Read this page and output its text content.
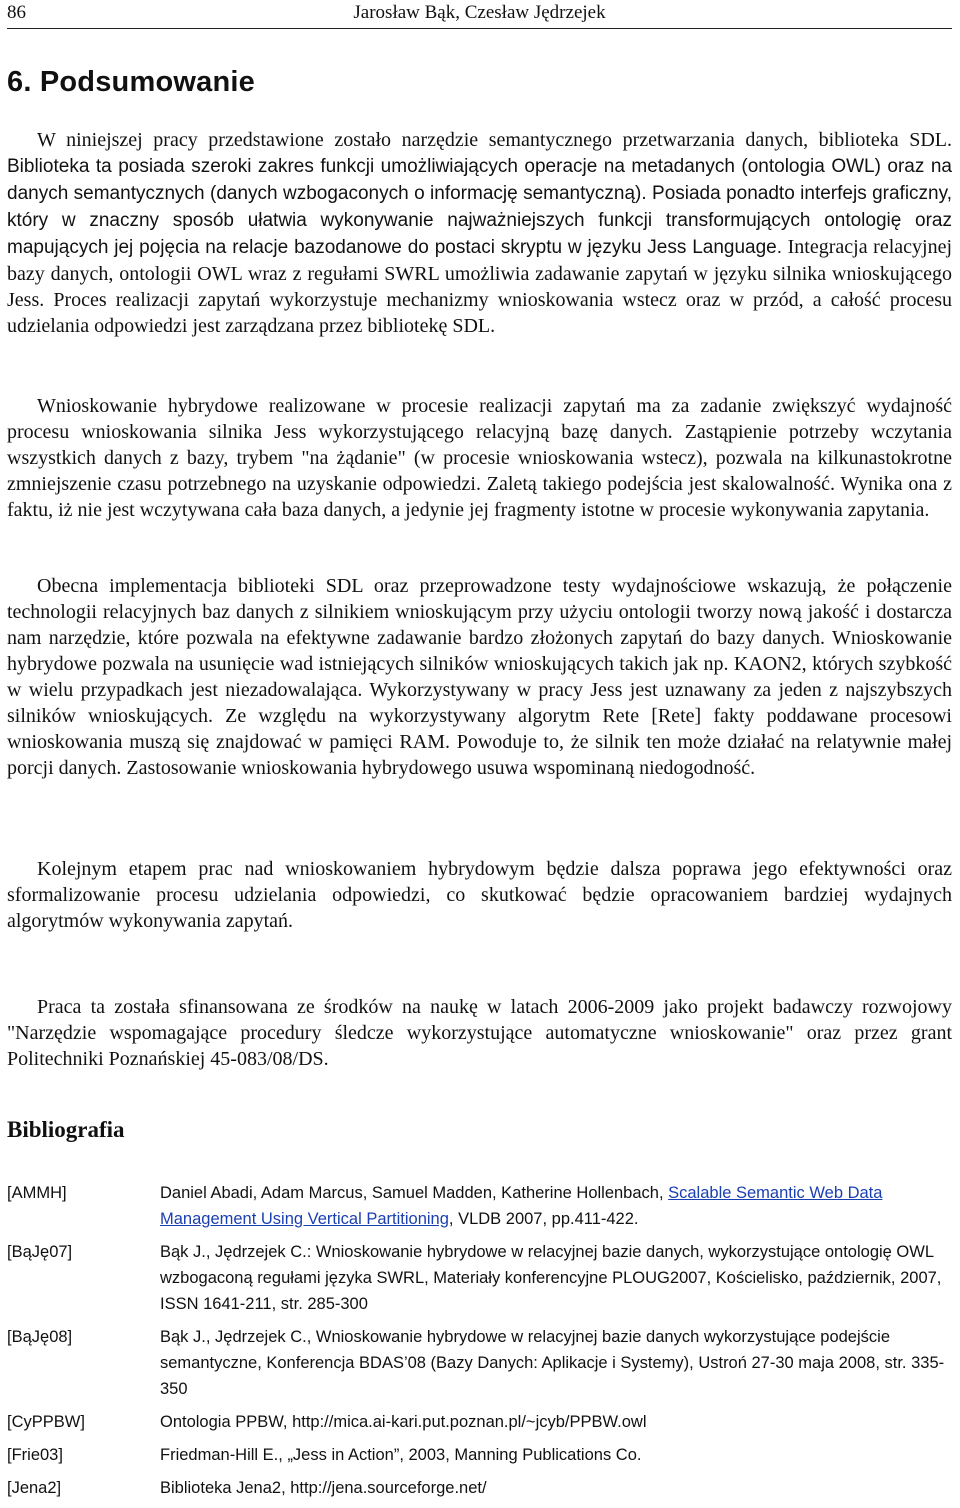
86	Jarosław Bąk, Czesław Jędrzejek
6. Podsumowanie

W niniejszej pracy przedstawione zostało narzędzie semantycznego przetwarzania danych, biblioteka SDL. Biblioteka ta posiada szeroki zakres funkcji umożliwiających operacje na metadanych (ontologia OWL) oraz na danych semantycznych (danych wzbogaconych o informację semantyczną). Posiada ponadto interfejs graficzny, który w znaczny sposób ułatwia wykonywanie najważniejszych funkcji transformujących ontologię oraz mapujących jej pojęcia na relacje bazodanowe do postaci skryptu w języku Jess Language. Integracja relacyjnej bazy danych, ontologii OWL wraz z regułami SWRL umożliwia zadawanie zapytań w języku silnika wnioskującego Jess. Proces realizacji zapytań wykorzystuje mechanizmy wnioskowania wstecz oraz w przód, a całość procesu udzielania odpowiedzi jest zarządzana przez bibliotekę SDL.

Wnioskowanie hybrydowe realizowane w procesie realizacji zapytań ma za zadanie zwiększyć wydajność procesu wnioskowania silnika Jess wykorzystującego relacyjną bazę danych. Zastąpienie potrzeby wczytania wszystkich danych z bazy, trybem "na żądanie" (w procesie wnioskowania wstecz), pozwala na kilkunastokrotne zmniejszenie czasu potrzebnego na uzyskanie odpowiedzi. Zaletą takiego podejścia jest skalowalność. Wynika ona z faktu, iż nie jest wczytywana cała baza danych, a jedynie jej fragmenty istotne w procesie wykonywania zapytania.

Obecna implementacja biblioteki SDL oraz przeprowadzone testy wydajnościowe wskazują, że połączenie technologii relacyjnych baz danych z silnikiem wnioskującym przy użyciu ontologii tworzy nową jakość i dostarcza nam narzędzie, które pozwala na efektywne zadawanie bardzo złożonych zapytań do bazy danych. Wnioskowanie hybrydowe pozwala na usunięcie wad istniejących silników wnioskujących takich jak np. KAON2, których szybkość w wielu przypadkach jest niezadowalająca. Wykorzystywany w pracy Jess jest uznawany za jeden z najszybszych silników wnioskujących. Ze względu na wykorzystywany algorytm Rete [Rete] fakty poddawane procesowi wnioskowania muszą się znajdować w pamięci RAM. Powoduje to, że silnik ten może działać na relatywnie małej porcji danych. Zastosowanie wnioskowania hybrydowego usuwa wspominaną niedogodność.

Kolejnym etapem prac nad wnioskowaniem hybrydowym będzie dalsza poprawa jego efektywności oraz sformalizowanie procesu udzielania odpowiedzi, co skutkować będzie opracowaniem bardziej wydajnych algorytmów wykonywania zapytań.

Praca ta została sfinansowana ze środków na naukę w latach 2006-2009 jako projekt badawczy rozwojowy "Narzędzie wspomagające procedury śledcze wykorzystujące automatyczne wnioskowanie" oraz przez grant Politechniki Poznańskiej 45-083/08/DS.

Bibliografia
[AMMH]	Daniel Abadi, Adam Marcus, Samuel Madden, Katherine Hollenbach, Scalable Semantic Web Data Management Using Vertical Partitioning, VLDB 2007, pp.411-422.
[BąJę07]	Bąk J., Jędrzejek C.: Wnioskowanie hybrydowe w relacyjnej bazie danych, wykorzystujące ontologię OWL wzbogaconą regułami języka SWRL, Materiały konferencyjne PLOUG2007, Kościelisko, październik, 2007, ISSN 1641-211, str. 285-300
[BąJę08]	Bąk J., Jędrzejek C., Wnioskowanie hybrydowe w relacyjnej bazie danych wykorzystujące podejście semantyczne, Konferencja BDAS’08 (Bazy Danych: Aplikacje i Systemy), Ustroń 27-30 maja 2008, str. 335-350
[CyPPBW]	Ontologia PPBW, http://mica.ai-kari.put.poznan.pl/~jcyb/PPBW.owl
[Frie03]	Friedman-Hill E., „Jess in Action”, 2003, Manning Publications Co.
[Jena2]	Biblioteka Jena2, http://jena.sourceforge.net/
